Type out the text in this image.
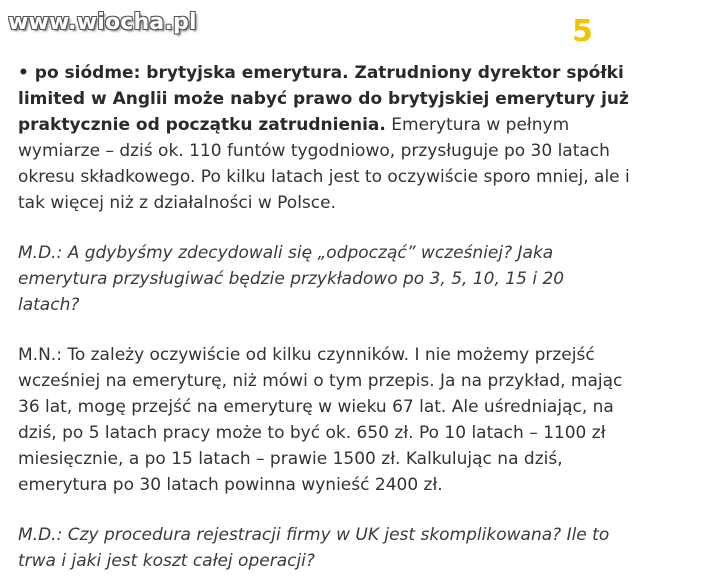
www.wiocha.pl	5
• po siódme: brytyjska emerytura. Zatrudniony dyrektor spółki
limited w Anglii może nabyć prawo do brytyjskiej emerytury już
praktycznie od początku zatrudnienia. Emerytura w pełnym
wymiarze – dziś ok. 110 funtów tygodniowo, przysługuje po 30 latach
okresu składkowego. Po kilku latach jest to oczywiście sporo mniej, ale i
tak więcej niż z działalności w Polsce.
M.D.: A gdybyśmy zdecydowali się „odpocząć” wcześniej? Jaka
emerytura przysługiwać będzie przykładowo po 3, 5, 10, 15 i 20
latach?
M.N.: To zależy oczywiście od kilku czynników. I nie możemy przejść
wcześniej na emeryturę, niż mówi o tym przepis. Ja na przykład, mając
36 lat, mogę przejść na emeryturę w wieku 67 lat. Ale uśredniając, na
dziś, po 5 latach pracy może to być ok. 650 zł. Po 10 latach – 1100 zł
miesięcznie, a po 15 latach – prawie 1500 zł. Kalkulując na dziś,
emerytura po 30 latach powinna wynieść 2400 zł.
M.D.: Czy procedura rejestracji firmy w UK jest skomplikowana? Ile to
trwa i jaki jest koszt całej operacji?
